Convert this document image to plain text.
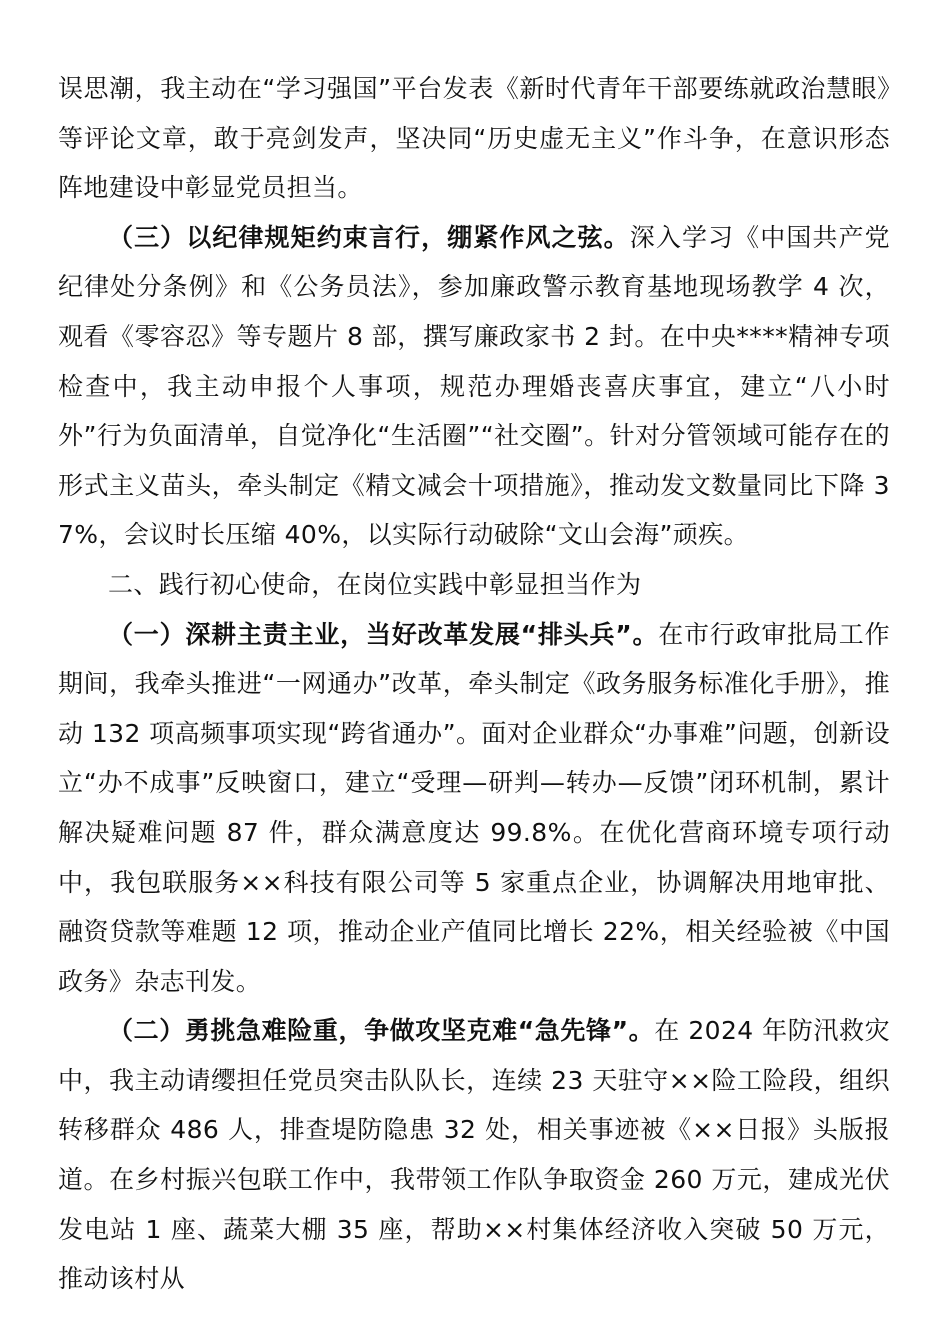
误思潮，我主动在“学习强国”平台发表《新时代青年干部要练就政治慧眼》等评论文章，敢于亮剑发声，坚决同“历史虚无主义”作斗争，在意识形态阵地建设中彰显党员担当。

（三）以纪律规矩约束言行，绷紧作风之弦。深入学习《中国共产党纪律处分条例》和《公务员法》，参加廉政警示教育基地现场教学 4 次，观看《零容忍》等专题片 8 部，撰写廉政家书 2 封。在中央****精神专项检查中，我主动申报个人事项，规范办理婚丧喜庆事宜，建立“八小时外”行为负面清单，自觉净化“生活圈”“社交圈”。针对分管领域可能存在的形式主义苗头，牵头制定《精文减会十项措施》，推动发文数量同比下降 37%，会议时长压缩 40%，以实际行动破除“文山会海”顽疾。

二、践行初心使命，在岗位实践中彰显担当作为

（一）深耕主责主业，当好改革发展“排头兵”。在市行政审批局工作期间，我牵头推进“一网通办”改革，牵头制定《政务服务标准化手册》，推动 132 项高频事项实现“跨省通办”。面对企业群众“办事难”问题，创新设立“办不成事”反映窗口，建立“受理—研判—转办—反馈”闭环机制，累计解决疑难问题 87 件，群众满意度达 99.8%。在优化营商环境专项行动中，我包联服务××科技有限公司等 5 家重点企业，协调解决用地审批、融资贷款等难题 12 项，推动企业产值同比增长 22%，相关经验被《中国政务》杂志刊发。

（二）勇挑急难险重，争做攻坚克难“急先锋”。在 2024 年防汛救灾中，我主动请缨担任党员突击队队长，连续 23 天驻守××险工险段，组织转移群众 486 人，排查堤防隐患 32 处，相关事迹被《××日报》头版报道。在乡村振兴包联工作中，我带领工作队争取资金 260 万元，建成光伏发电站 1 座、蔬菜大棚 35 座，帮助××村集体经济收入突破 50 万元，推动该村从
